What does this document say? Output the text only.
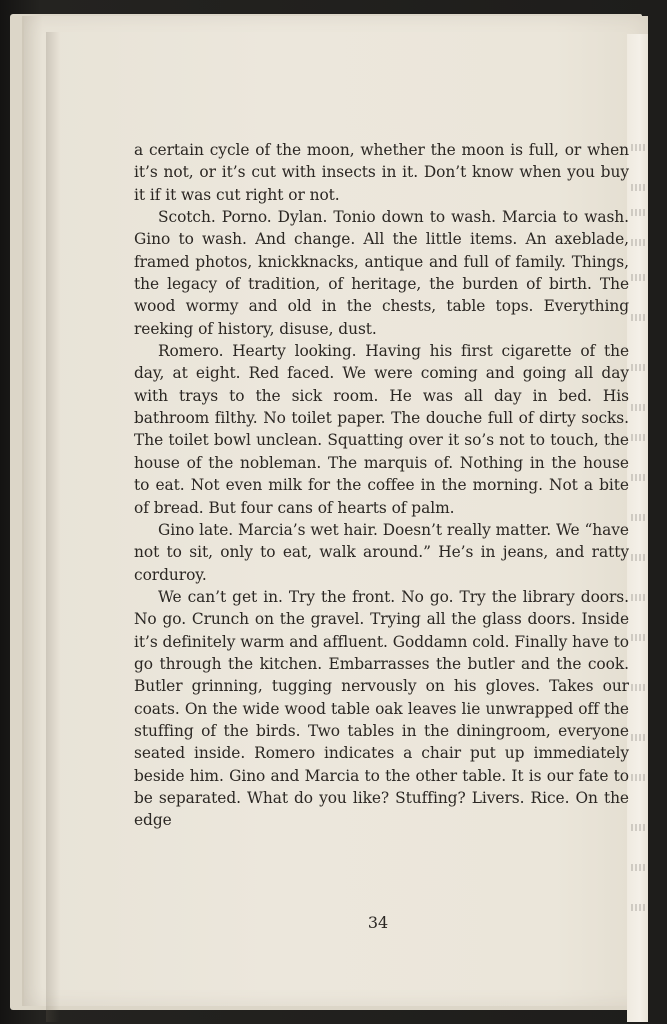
a certain cycle of the moon, whether the moon is full, or when it’s not, or it’s cut with insects in it. Don’t know when you buy it if it was cut right or not.

Scotch. Porno. Dylan. Tonio down to wash. Marcia to wash. Gino to wash. And change. All the little items. An axeblade, framed photos, knickknacks, antique and full of family. Things, the legacy of tradition, of heritage, the burden of birth. The wood wormy and old in the chests, table tops. Everything reeking of history, disuse, dust.

Romero. Hearty looking. Having his first cigarette of the day, at eight. Red faced. We were coming and going all day with trays to the sick room. He was all day in bed. His bathroom filthy. No toilet paper. The douche full of dirty socks. The toilet bowl unclean. Squatting over it so’s not to touch, the house of the nobleman. The marquis of. Nothing in the house to eat. Not even milk for the coffee in the morning. Not a bite of bread. But four cans of hearts of palm.

Gino late. Marcia’s wet hair. Doesn’t really matter. We “have not to sit, only to eat, walk around.” He’s in jeans, and ratty corduroy.

We can’t get in. Try the front. No go. Try the library doors. No go. Crunch on the gravel. Trying all the glass doors. Inside it’s definitely warm and affluent. Goddamn cold. Finally have to go through the kitchen. Embarrasses the butler and the cook. Butler grinning, tugging nervously on his gloves. Takes our coats. On the wide wood table oak leaves lie unwrapped off the stuffing of the birds. Two tables in the diningroom, everyone seated inside. Romero indicates a chair put up immediately beside him. Gino and Marcia to the other table. It is our fate to be separated. What do you like? Stuffing? Livers. Rice. On the edge

34
